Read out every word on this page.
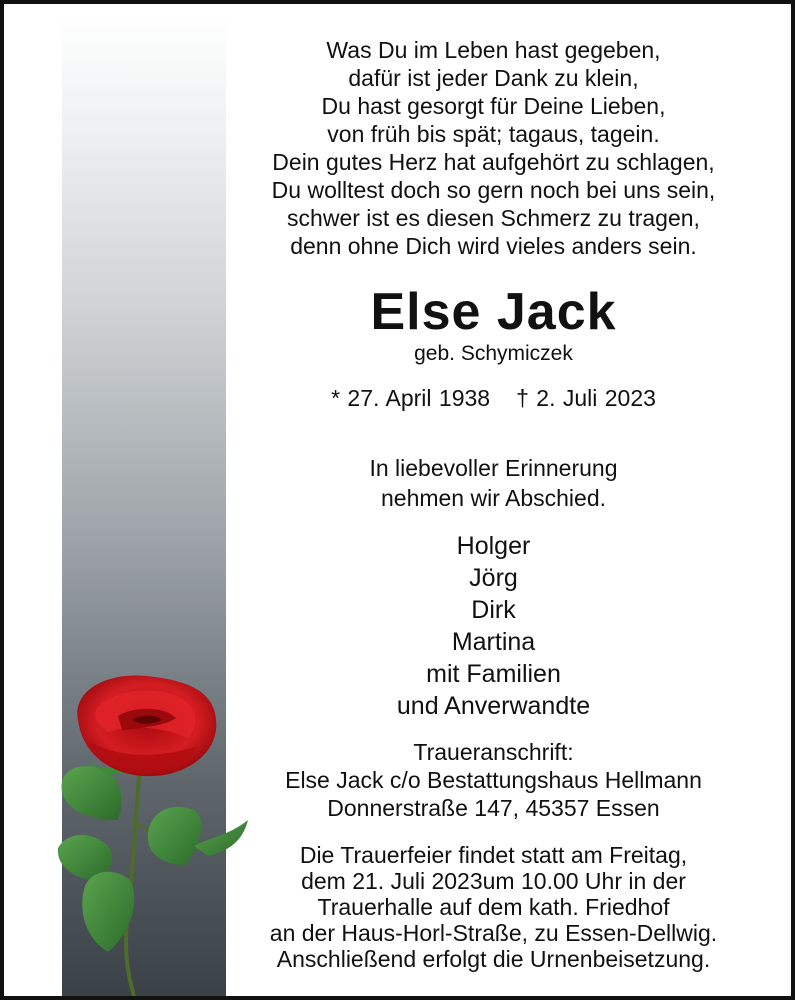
Was Du im Leben hast gegeben,
dafür ist jeder Dank zu klein,
Du hast gesorgt für Deine Lieben,
von früh bis spät; tagaus, tagein.
Dein gutes Herz hat aufgehört zu schlagen,
Du wolltest doch so gern noch bei uns sein,
schwer ist es diesen Schmerz zu tragen,
denn ohne Dich wird vieles anders sein.
Else Jack
geb. Schymiczek
* 27. April 1938 † 2. Juli 2023
In liebevoller Erinnerung
nehmen wir Abschied.
Holger
Jörg
Dirk
Martina
mit Familien
und Anverwandte
Traueranschrift:
Else Jack c/o Bestattungshaus Hellmann
Donnerstraße 147, 45357 Essen
Die Trauerfeier findet statt am Freitag,
dem 21. Juli 2023um 10.00 Uhr in der
Trauerhalle auf dem kath. Friedhof
an der Haus-Horl-Straße, zu Essen-Dellwig.
Anschließend erfolgt die Urnenbeisetzung.
